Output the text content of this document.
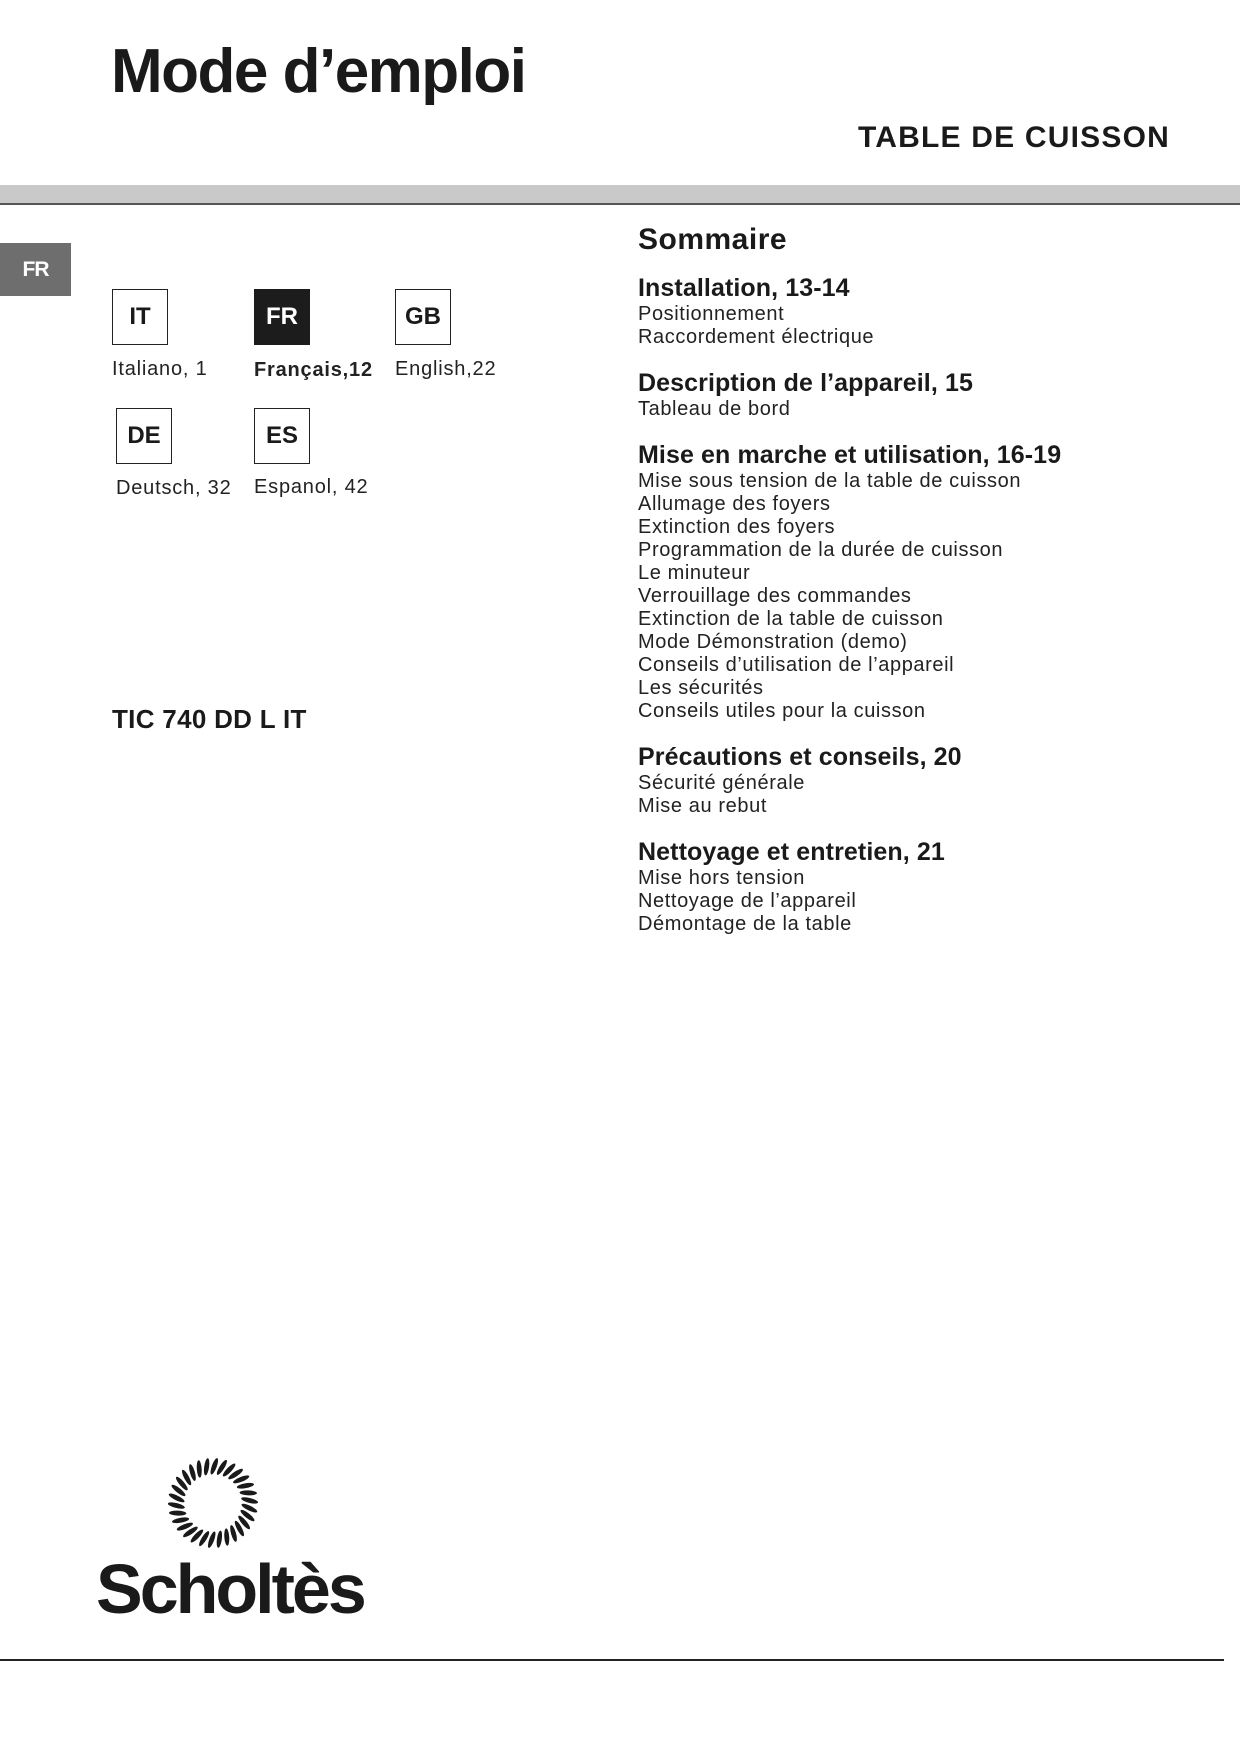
Mode d’emploi
TABLE DE CUISSON
FR
IT
Italiano, 1
FR
Français,12
GB
English,22
DE
Deutsch, 32
ES
Espanol, 42
TIC 740 DD L IT
Sommaire
Installation, 13-14
Positionnement
Raccordement électrique
Description de l’appareil, 15
Tableau de bord
Mise en marche et utilisation, 16-19
Mise sous tension de la table de cuisson
Allumage des foyers
Extinction des foyers
Programmation de la durée de cuisson
Le minuteur
Verrouillage des commandes
Extinction de la table de cuisson
Mode Démonstration (demo)
Conseils d’utilisation de l’appareil
Les sécurités
Conseils utiles pour la cuisson
Précautions et conseils, 20
Sécurité générale
Mise au rebut
Nettoyage et entretien, 21
Mise hors tension
Nettoyage de l’appareil
Démontage de la table
Scholtès
